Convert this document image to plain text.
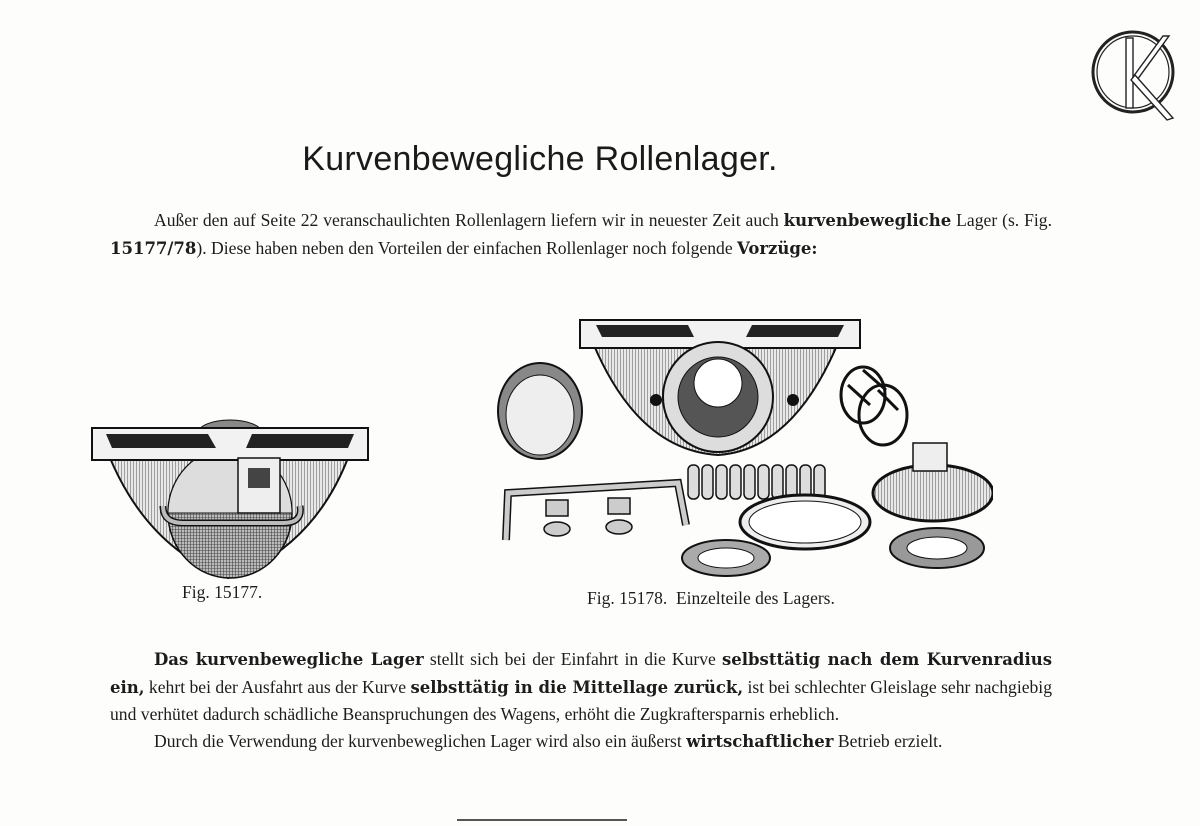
Kurvenbewegliche Rollenlager.
Außer den auf Seite 22 veranschaulichten Rollenlagern liefern wir in neuester Zeit auch kurvenbewegliche Lager (s. Fig. 15177/78). Diese haben neben den Vorteilen der einfachen Rollenlager noch folgende Vorzüge:
Fig. 15177.	Fig. 15178.  Einzelteile des Lagers.
Das kurvenbewegliche Lager stellt sich bei der Einfahrt in die Kurve selbsttätig nach dem Kurvenradius ein, kehrt bei der Ausfahrt aus der Kurve selbsttätig in die Mittellage zurück, ist bei schlechter Gleislage sehr nachgiebig und verhütet dadurch schädliche Beanspruchungen des Wagens, erhöht die Zugkraftersparnis erheblich.
Durch die Verwendung der kurvenbeweglichen Lager wird also ein äußerst wirtschaftlicher Betrieb erzielt.
